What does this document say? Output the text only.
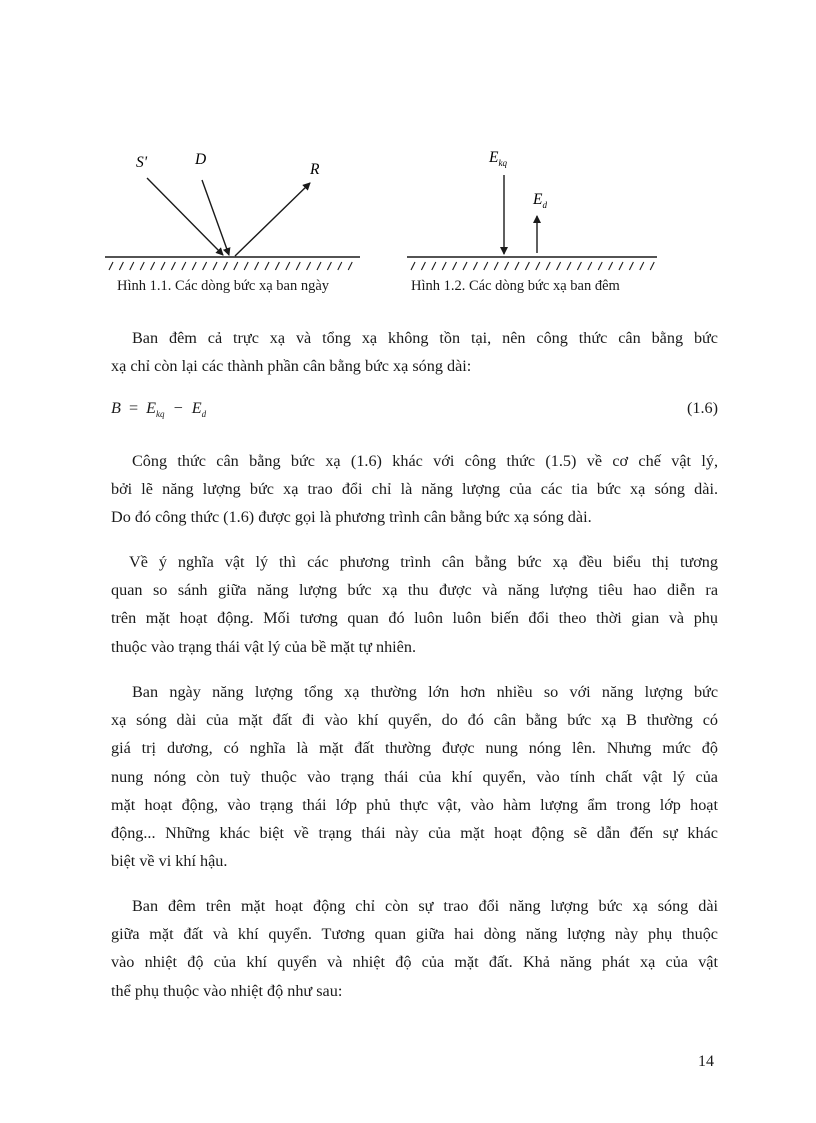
S'	D
R
Hình 1.1. Các dòng bức xạ ban ngày
$E_{kq}$
$E_d$
Hình 1.2. Các dòng bức xạ ban đêm
Ban đêm cả trực xạ và tổng xạ không tồn tại, nên công thức cân bằng bức
xạ chỉ còn lại các thành phần cân bằng bức xạ sóng dài:
$B = E_{kq} - E_d$	(1.6)
Công thức cân bằng bức xạ (1.6) khác với công thức (1.5) về cơ chế vật lý,
bởi lẽ năng lượng bức xạ trao đổi chỉ là năng lượng của các tia bức xạ sóng dài.
Do đó công thức (1.6) được gọi là phương trình cân bằng bức xạ sóng dài.
Về ý nghĩa vật lý thì các phương trình cân bằng bức xạ đều biểu thị tương
quan so sánh giữa năng lượng bức xạ thu được và năng lượng tiêu hao diễn ra
trên mặt hoạt động. Mối tương quan đó luôn luôn biến đổi theo thời gian và phụ
thuộc vào trạng thái vật lý của bề mặt tự nhiên.
Ban ngày năng lượng tổng xạ thường lớn hơn nhiều so với năng lượng bức
xạ sóng dài của mặt đất đi vào khí quyển, do đó cân bằng bức xạ B thường có
giá trị dương, có nghĩa là mặt đất thường được nung nóng lên. Nhưng mức độ
nung nóng còn tuỳ thuộc vào trạng thái của khí quyển, vào tính chất vật lý của
mặt hoạt động, vào trạng thái lớp phủ thực vật, vào hàm lượng ẩm trong lớp hoạt
động... Những khác biệt về trạng thái này của mặt hoạt động sẽ dẫn đến sự khác
biệt về vi khí hậu.
Ban đêm trên mặt hoạt động chỉ còn sự trao đổi năng lượng bức xạ sóng dài
giữa mặt đất và khí quyển. Tương quan giữa hai dòng năng lượng này phụ thuộc
vào nhiệt độ của khí quyển và nhiệt độ của mặt đất. Khả năng phát xạ của vật
thể phụ thuộc vào nhiệt độ như sau:
14
